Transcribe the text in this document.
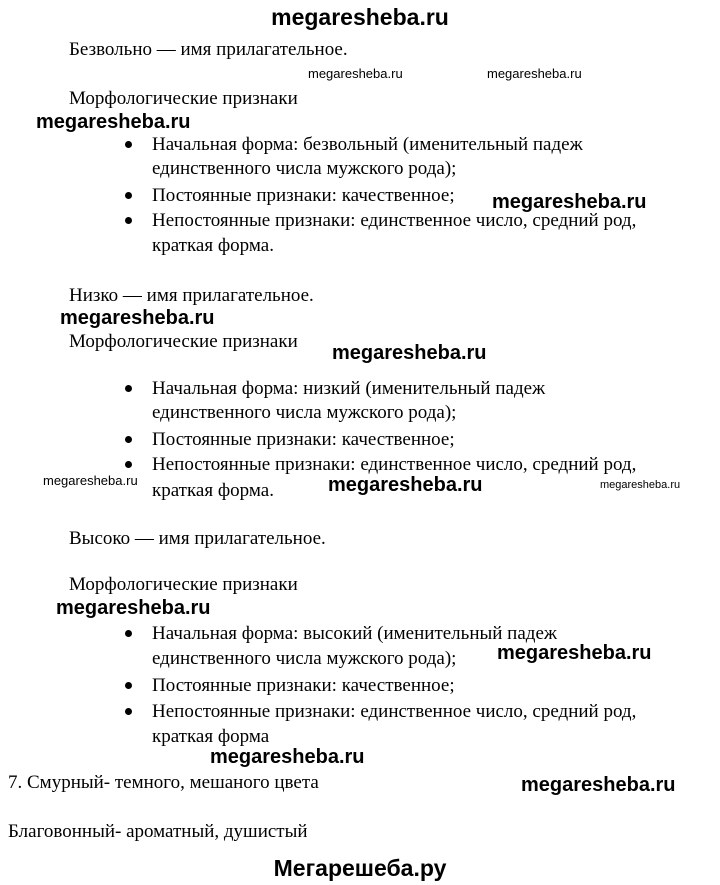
megaresheba.ru
Безвольно — имя прилагательное.
Морфологические признаки
Начальная форма: безвольный (именительный падеж
единственного числа мужского рода);
Постоянные признаки: качественное;
Непостоянные признаки: единственное число, средний род,
краткая форма.
Низко — имя прилагательное.
Морфологические признаки
Начальная форма: низкий (именительный падеж
единственного числа мужского рода);
Постоянные признаки: качественное;
Непостоянные признаки: единственное число, средний род,
краткая форма.
Высоко — имя прилагательное.
Морфологические признаки
Начальная форма: высокий (именительный падеж
единственного числа мужского рода);
Постоянные признаки: качественное;
Непостоянные признаки: единственное число, средний род,
краткая форма
7. Смурный- темного, мешаного цвета
Благовонный- ароматный, душистый
megaresheba.ru	megaresheba.ru
megaresheba.ru
megaresheba.ru
megaresheba.ru
megaresheba.ru
megaresheba.ru	megaresheba.ru	megaresheba.ru
megaresheba.ru
megaresheba.ru
megaresheba.ru
megaresheba.ru
Мегарешеба.ру
